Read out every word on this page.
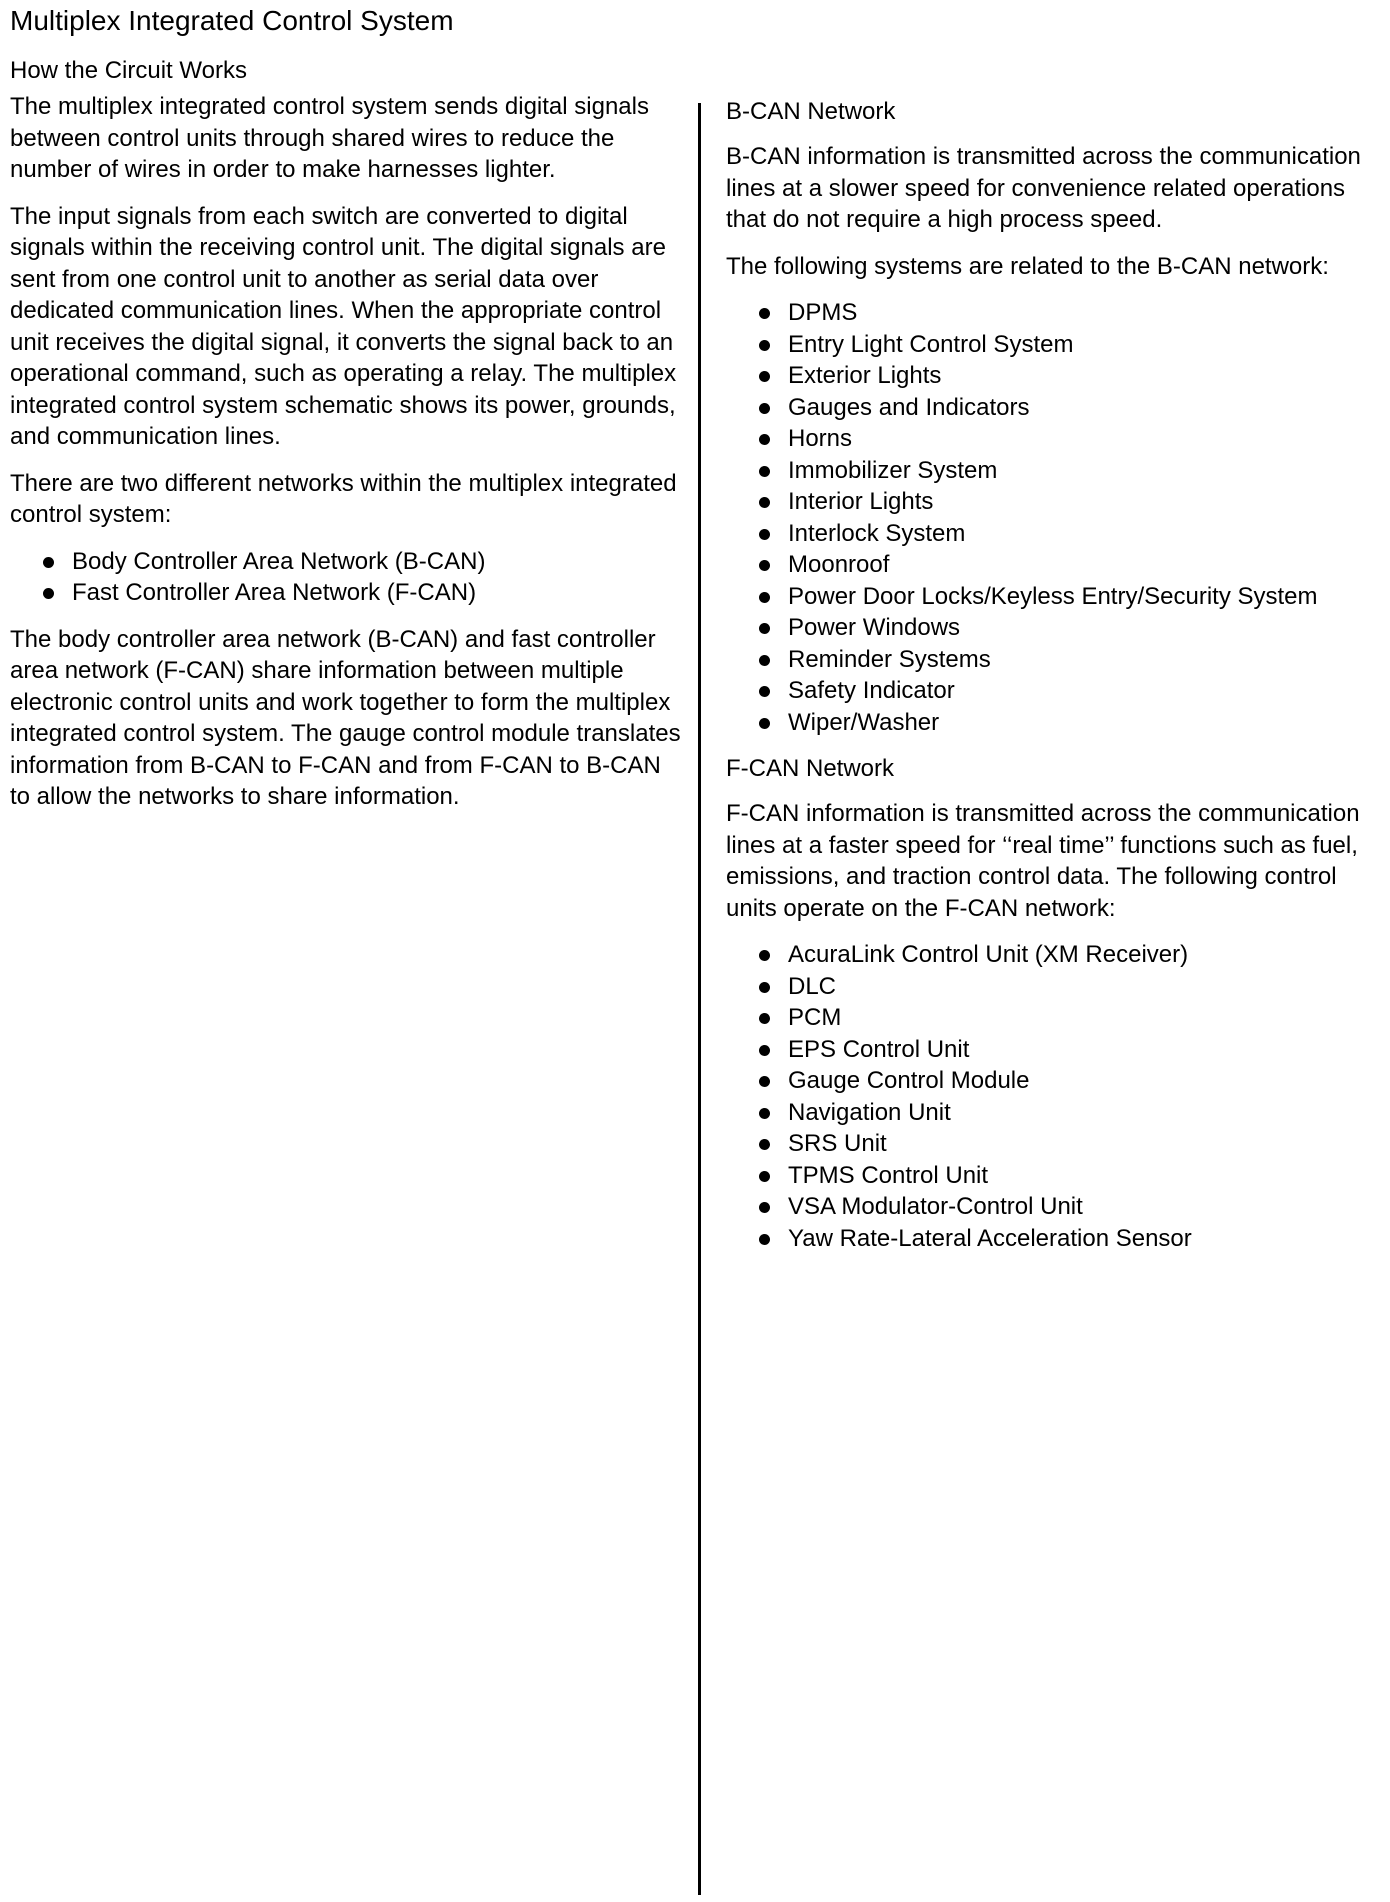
Multiplex Integrated Control System
How the Circuit Works

The multiplex integrated control system sends digital signals between control units through shared wires to reduce the number of wires in order to make harnesses lighter.

The input signals from each switch are converted to digital signals within the receiving control unit. The digital signals are sent from one control unit to another as serial data over dedicated communication lines. When the appropriate control unit receives the digital signal, it converts the signal back to an operational command, such as operating a relay. The multiplex integrated control system schematic shows its power, grounds, and communication lines.

There are two different networks within the multiplex integrated control system:

Body Controller Area Network (B-CAN)
Fast Controller Area Network (F-CAN)

The body controller area network (B-CAN) and fast controller area network (F-CAN) share information between multiple electronic control units and work together to form the multiplex integrated control system. The gauge control module translates information from B-CAN to F-CAN and from F-CAN to B-CAN to allow the networks to share information.

B-CAN Network

B-CAN information is transmitted across the communication lines at a slower speed for convenience related operations that do not require a high process speed.

The following systems are related to the B-CAN network:

DPMS
Entry Light Control System
Exterior Lights
Gauges and Indicators
Horns
Immobilizer System
Interior Lights
Interlock System
Moonroof
Power Door Locks/Keyless Entry/Security System
Power Windows
Reminder Systems
Safety Indicator
Wiper/Washer
F-CAN Network

F-CAN information is transmitted across the communication lines at a faster speed for ‘‘real time’’ functions such as fuel, emissions, and traction control data. The following control units operate on the F-CAN network:

AcuraLink Control Unit (XM Receiver)
DLC
PCM
EPS Control Unit
Gauge Control Module
Navigation Unit
SRS Unit
TPMS Control Unit
VSA Modulator-Control Unit
Yaw Rate-Lateral Acceleration Sensor
